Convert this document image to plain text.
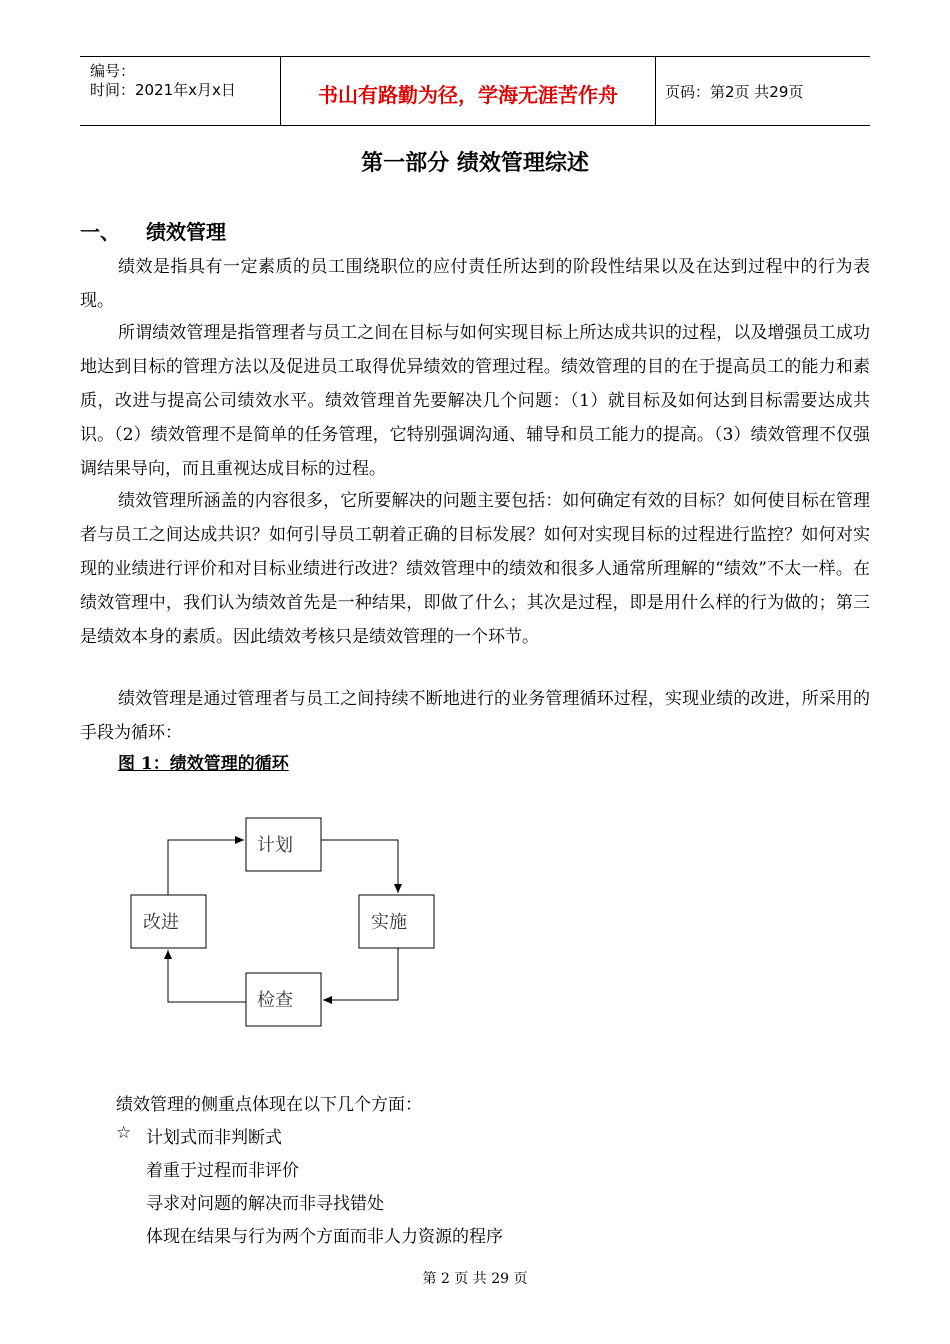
编号：
时间：2021年x月x日	书山有路勤为径，学海无涯苦作舟	页码：第2页 共29页
第一部分 绩效管理综述
一、 绩效管理

绩效是指具有一定素质的员工围绕职位的应付责任所达到的阶段性结果以及在达到过程中的行为表现。

所谓绩效管理是指管理者与员工之间在目标与如何实现目标上所达成共识的过程，以及增强员工成功地达到目标的管理方法以及促进员工取得优异绩效的管理过程。绩效管理的目的在于提高员工的能力和素质，改进与提高公司绩效水平。绩效管理首先要解决几个问题：（1）就目标及如何达到目标需要达成共识。（2）绩效管理不是简单的任务管理，它特别强调沟通、辅导和员工能力的提高。（3）绩效管理不仅强调结果导向，而且重视达成目标的过程。

绩效管理所涵盖的内容很多，它所要解决的问题主要包括：如何确定有效的目标？如何使目标在管理者与员工之间达成共识？如何引导员工朝着正确的目标发展？如何对实现目标的过程进行监控？如何对实现的业绩进行评价和对目标业绩进行改进？绩效管理中的绩效和很多人通常所理解的“绩效”不太一样。在绩效管理中，我们认为绩效首先是一种结果，即做了什么；其次是过程，即是用什么样的行为做的；第三是绩效本身的素质。因此绩效考核只是绩效管理的一个环节。

绩效管理是通过管理者与员工之间持续不断地进行的业务管理循环过程，实现业绩的改进，所采用的手段为循环：

图 1：绩效管理的循环
计划
实施
检查
改进
绩效管理的侧重点体现在以下几个方面：
☆ 计划式而非判断式
着重于过程而非评价
寻求对问题的解决而非寻找错处
体现在结果与行为两个方面而非人力资源的程序
第 2 页 共 29 页
